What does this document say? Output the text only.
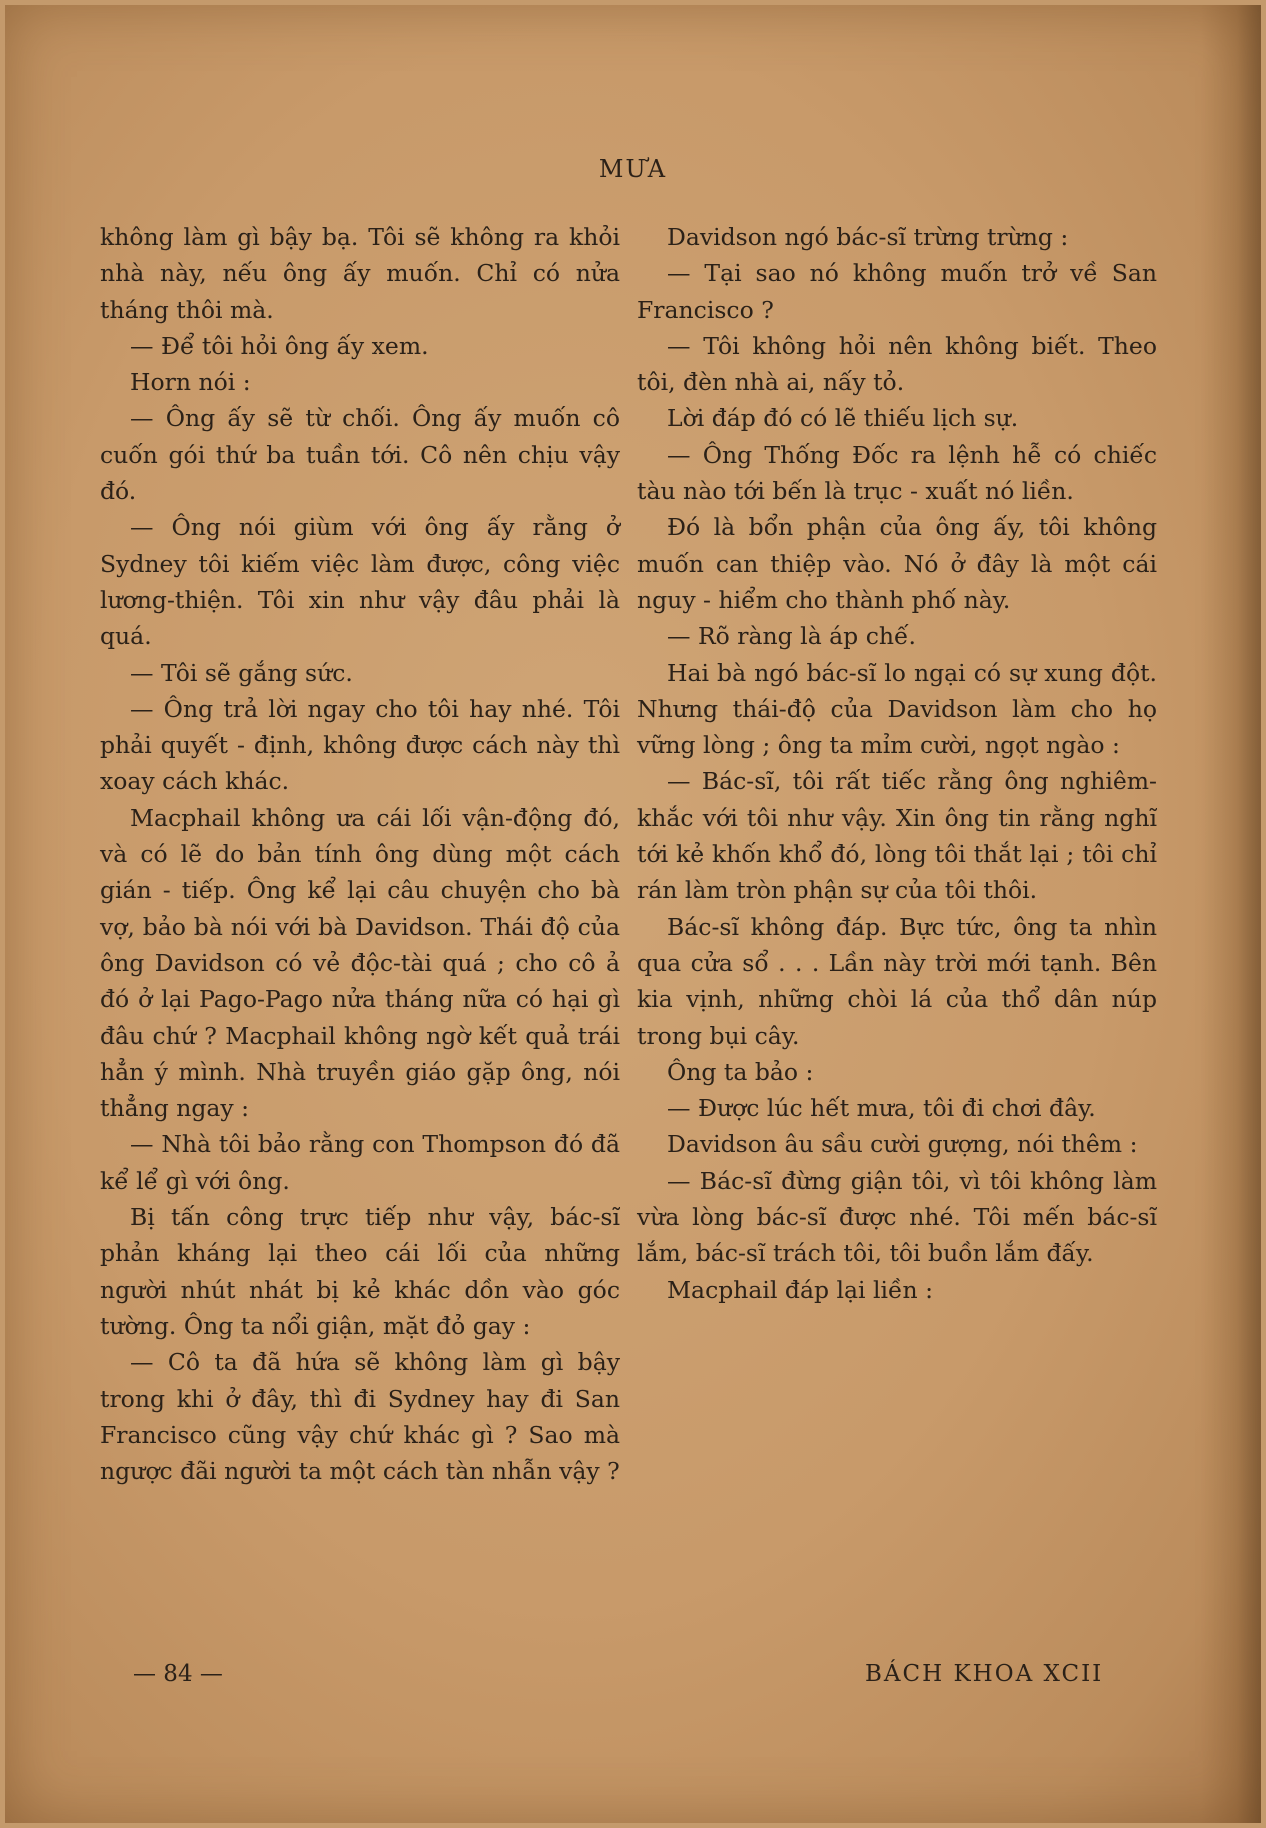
MƯA

không làm gì bậy bạ. Tôi sẽ không ra khỏi nhà này, nếu ông ấy muốn. Chỉ có nửa tháng thôi mà.

— Để tôi hỏi ông ấy xem.

Horn nói :

— Ông ấy sẽ từ chối. Ông ấy muốn cô cuốn gói thứ ba tuần tới. Cô nên chịu vậy đó.

— Ông nói giùm với ông ấy rằng ở Sydney tôi kiếm việc làm được, công việc lương-thiện. Tôi xin như vậy đâu phải là quá.

— Tôi sẽ gắng sức.

— Ông trả lời ngay cho tôi hay nhé. Tôi phải quyết - định, không được cách này thì xoay cách khác.

Macphail không ưa cái lối vận-động đó, và có lẽ do bản tính ông dùng một cách gián - tiếp. Ông kể lại câu chuyện cho bà vợ, bảo bà nói với bà Davidson. Thái độ của ông Davidson có vẻ độc-tài quá ; cho cô ả đó ở lại Pago-Pago nửa tháng nữa có hại gì đâu chứ ? Macphail không ngờ kết quả trái hẳn ý mình. Nhà truyền giáo gặp ông, nói thẳng ngay :

— Nhà tôi bảo rằng con Thompson đó đã kể lể gì với ông.

Bị tấn công trực tiếp như vậy, bác-sĩ phản kháng lại theo cái lối của những người nhút nhát bị kẻ khác dồn vào góc tường. Ông ta nổi giận, mặt đỏ gay :

— Cô ta đã hứa sẽ không làm gì bậy trong khi ở đây, thì đi Sydney hay đi San Francisco cũng vậy chứ khác gì ? Sao mà ngược đãi người ta một cách tàn nhẫn vậy ?

Davidson ngó bác-sĩ trừng trừng :

— Tại sao nó không muốn trở về San Francisco ?

— Tôi không hỏi nên không biết. Theo tôi, đèn nhà ai, nấy tỏ.

Lời đáp đó có lẽ thiếu lịch sự.

— Ông Thống Đốc ra lệnh hễ có chiếc tàu nào tới bến là trục - xuất nó liền.

Đó là bổn phận của ông ấy, tôi không muốn can thiệp vào. Nó ở đây là một cái nguy - hiểm cho thành phố này.

— Rõ ràng là áp chế.

Hai bà ngó bác-sĩ lo ngại có sự xung đột. Nhưng thái-độ của Davidson làm cho họ vững lòng ; ông ta mỉm cười, ngọt ngào :

— Bác-sĩ, tôi rất tiếc rằng ông nghiêm-khắc với tôi như vậy. Xin ông tin rằng nghĩ tới kẻ khốn khổ đó, lòng tôi thắt lại ; tôi chỉ rán làm tròn phận sự của tôi thôi.

Bác-sĩ không đáp. Bực tức, ông ta nhìn qua cửa sổ . . . Lần này trời mới tạnh. Bên kia vịnh, những chòi lá của thổ dân núp trong bụi cây.

Ông ta bảo :

— Được lúc hết mưa, tôi đi chơi đây.

Davidson âu sầu cười gượng, nói thêm :

— Bác-sĩ đừng giận tôi, vì tôi không làm vừa lòng bác-sĩ được nhé. Tôi mến bác-sĩ lắm, bác-sĩ trách tôi, tôi buồn lắm đấy.

Macphail đáp lại liền :

— 84 —	BÁCH KHOA XCII
